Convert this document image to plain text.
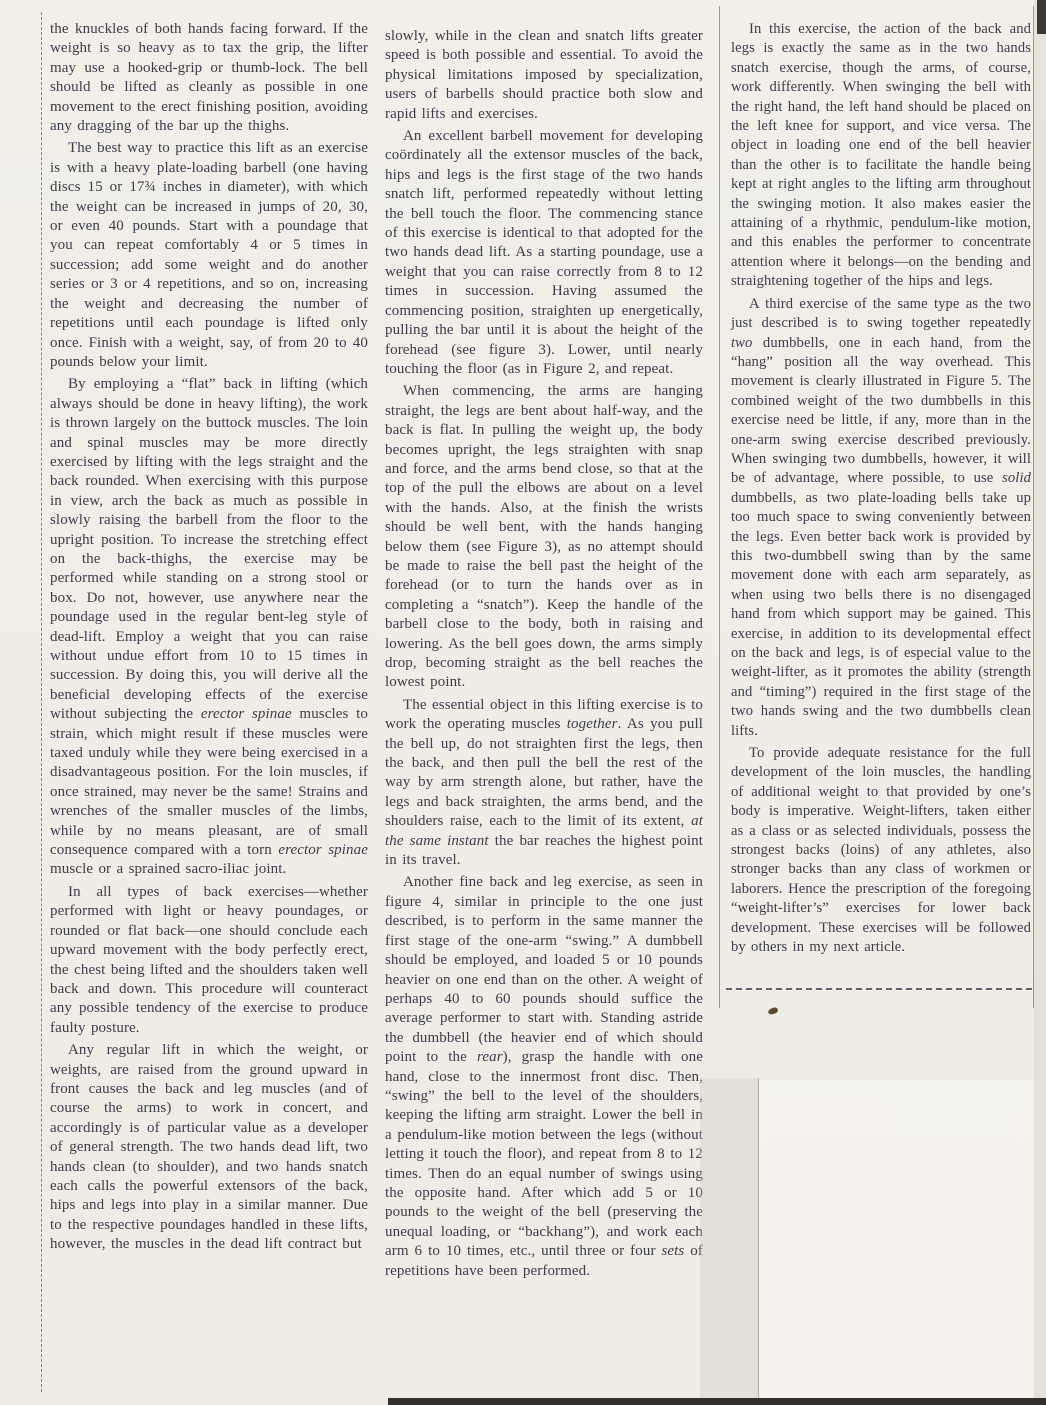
the knuckles of both hands facing forward. If the weight is so heavy as to tax the grip, the lifter may use a hooked-grip or thumb-lock. The bell should be lifted as cleanly as possible in one movement to the erect finishing position, avoiding any dragging of the bar up the thighs.

The best way to practice this lift as an exercise is with a heavy plate-loading barbell (one having discs 15 or 17¾ inches in diameter), with which the weight can be increased in jumps of 20, 30, or even 40 pounds. Start with a poundage that you can repeat comfortably 4 or 5 times in succession; add some weight and do another series or 3 or 4 repetitions, and so on, increasing the weight and decreasing the number of repetitions until each poundage is lifted only once. Finish with a weight, say, of from 20 to 40 pounds below your limit.

By employing a “flat” back in lifting (which always should be done in heavy lifting), the work is thrown largely on the buttock muscles. The loin and spinal muscles may be more directly exercised by lifting with the legs straight and the back rounded. When exercising with this purpose in view, arch the back as much as possible in slowly raising the barbell from the floor to the upright position. To increase the stretching effect on the back-thighs, the exercise may be performed while standing on a strong stool or box. Do not, however, use anywhere near the poundage used in the regular bent-leg style of dead-lift. Employ a weight that you can raise without undue effort from 10 to 15 times in succession. By doing this, you will derive all the beneficial developing effects of the exercise without subjecting the erector spinae muscles to strain, which might result if these muscles were taxed unduly while they were being exercised in a disadvantageous position. For the loin muscles, if once strained, may never be the same! Strains and wrenches of the smaller muscles of the limbs, while by no means pleasant, are of small consequence compared with a torn erector spinae muscle or a sprained sacro-iliac joint.

In all types of back exercises—whether performed with light or heavy poundages, or rounded or flat back—one should conclude each upward movement with the body perfectly erect, the chest being lifted and the shoulders taken well back and down. This procedure will counteract any possible tendency of the exercise to produce faulty posture.

Any regular lift in which the weight, or weights, are raised from the ground upward in front causes the back and leg muscles (and of course the arms) to work in concert, and accordingly is of particular value as a developer of general strength. The two hands dead lift, two hands clean (to shoulder), and two hands snatch each calls the powerful extensors of the back, hips and legs into play in a similar manner. Due to the respective poundages handled in these lifts, however, the muscles in the dead lift contract but

slowly, while in the clean and snatch lifts greater speed is both possible and essential. To avoid the physical limitations imposed by specialization, users of barbells should practice both slow and rapid lifts and exercises.

An excellent barbell movement for developing coördinately all the extensor muscles of the back, hips and legs is the first stage of the two hands snatch lift, performed repeatedly without letting the bell touch the floor. The commencing stance of this exercise is identical to that adopted for the two hands dead lift. As a starting poundage, use a weight that you can raise correctly from 8 to 12 times in succession. Having assumed the commencing position, straighten up energetically, pulling the bar until it is about the height of the forehead (see figure 3). Lower, until nearly touching the floor (as in Figure 2, and repeat.

When commencing, the arms are hanging straight, the legs are bent about half-way, and the back is flat. In pulling the weight up, the body becomes upright, the legs straighten with snap and force, and the arms bend close, so that at the top of the pull the elbows are about on a level with the hands. Also, at the finish the wrists should be well bent, with the hands hanging below them (see Figure 3), as no attempt should be made to raise the bell past the height of the forehead (or to turn the hands over as in completing a “snatch”). Keep the handle of the barbell close to the body, both in raising and lowering. As the bell goes down, the arms simply drop, becoming straight as the bell reaches the lowest point.

The essential object in this lifting exercise is to work the operating muscles together. As you pull the bell up, do not straighten first the legs, then the back, and then pull the bell the rest of the way by arm strength alone, but rather, have the legs and back straighten, the arms bend, and the shoulders raise, each to the limit of its extent, at the same instant the bar reaches the highest point in its travel.

Another fine back and leg exercise, as seen in figure 4, similar in principle to the one just described, is to perform in the same manner the first stage of the one-arm “swing.” A dumbbell should be employed, and loaded 5 or 10 pounds heavier on one end than on the other. A weight of perhaps 40 to 60 pounds should suffice the average performer to start with. Standing astride the dumbbell (the heavier end of which should point to the rear), grasp the handle with one hand, close to the innermost front disc. Then, “swing” the bell to the level of the shoulders, keeping the lifting arm straight. Lower the bell in a pendulum-like motion between the legs (without letting it touch the floor), and repeat from 8 to 12 times. Then do an equal number of swings using the opposite hand. After which add 5 or 10 pounds to the weight of the bell (preserving the unequal loading, or “backhang”), and work each arm 6 to 10 times, etc., until three or four sets of repetitions have been performed.

In this exercise, the action of the back and legs is exactly the same as in the two hands snatch exercise, though the arms, of course, work differently. When swinging the bell with the right hand, the left hand should be placed on the left knee for support, and vice versa. The object in loading one end of the bell heavier than the other is to facilitate the handle being kept at right angles to the lifting arm throughout the swinging motion. It also makes easier the attaining of a rhythmic, pendulum-like motion, and this enables the performer to concentrate attention where it belongs—on the bending and straightening together of the hips and legs.

A third exercise of the same type as the two just described is to swing together repeatedly two dumbbells, one in each hand, from the “hang” position all the way overhead. This movement is clearly illustrated in Figure 5. The combined weight of the two dumbbells in this exercise need be little, if any, more than in the one-arm swing exercise described previously. When swinging two dumbbells, however, it will be of advantage, where possible, to use solid dumbbells, as two plate-loading bells take up too much space to swing conveniently between the legs. Even better back work is provided by this two-dumbbell swing than by the same movement done with each arm separately, as when using two bells there is no disengaged hand from which support may be gained. This exercise, in addition to its developmental effect on the back and legs, is of especial value to the weight-lifter, as it promotes the ability (strength and “timing”) required in the first stage of the two hands swing and the two dumbbells clean lifts.

To provide adequate resistance for the full development of the loin muscles, the handling of additional weight to that provided by one’s body is imperative. Weight-lifters, taken either as a class or as selected individuals, possess the strongest backs (loins) of any athletes, also stronger backs than any class of workmen or laborers. Hence the prescription of the foregoing “weight-lifter’s” exercises for lower back development. These exercises will be followed by others in my next article.
